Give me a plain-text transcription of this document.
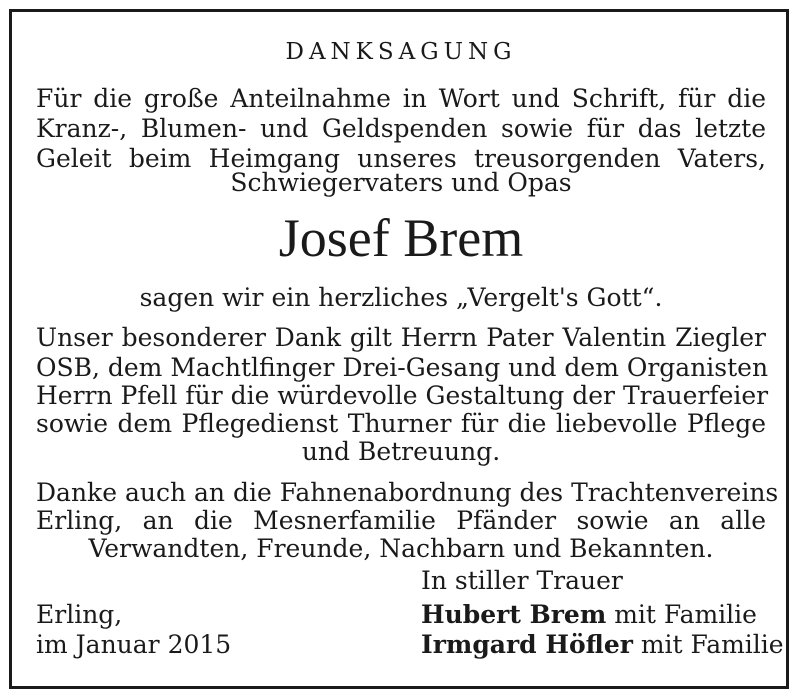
DANKSAGUNG
Für die große Anteilnahme in Wort und Schrift, für die
Kranz-, Blumen- und Geldspenden sowie für das letzte
Geleit beim Heimgang unseres treusorgenden Vaters,
Schwiegervaters und Opas
Josef Brem
sagen wir ein herzliches „Vergelt's Gott“.
Unser besonderer Dank gilt Herrn Pater Valentin Ziegler
OSB, dem Machtlfinger Drei-Gesang und dem Organisten
Herrn Pfell für die würdevolle Gestaltung der Trauerfeier
sowie dem Pflegedienst Thurner für die liebevolle Pflege
und Betreuung.
Danke auch an die Fahnenabordnung des Trachtenvereins
Erling, an die Mesnerfamilie Pfänder sowie an alle
Verwandten, Freunde, Nachbarn und Bekannten.
In stiller Trauer
Erling,
im Januar 2015
Hubert Brem mit Familie
Irmgard Höfler mit Familie
